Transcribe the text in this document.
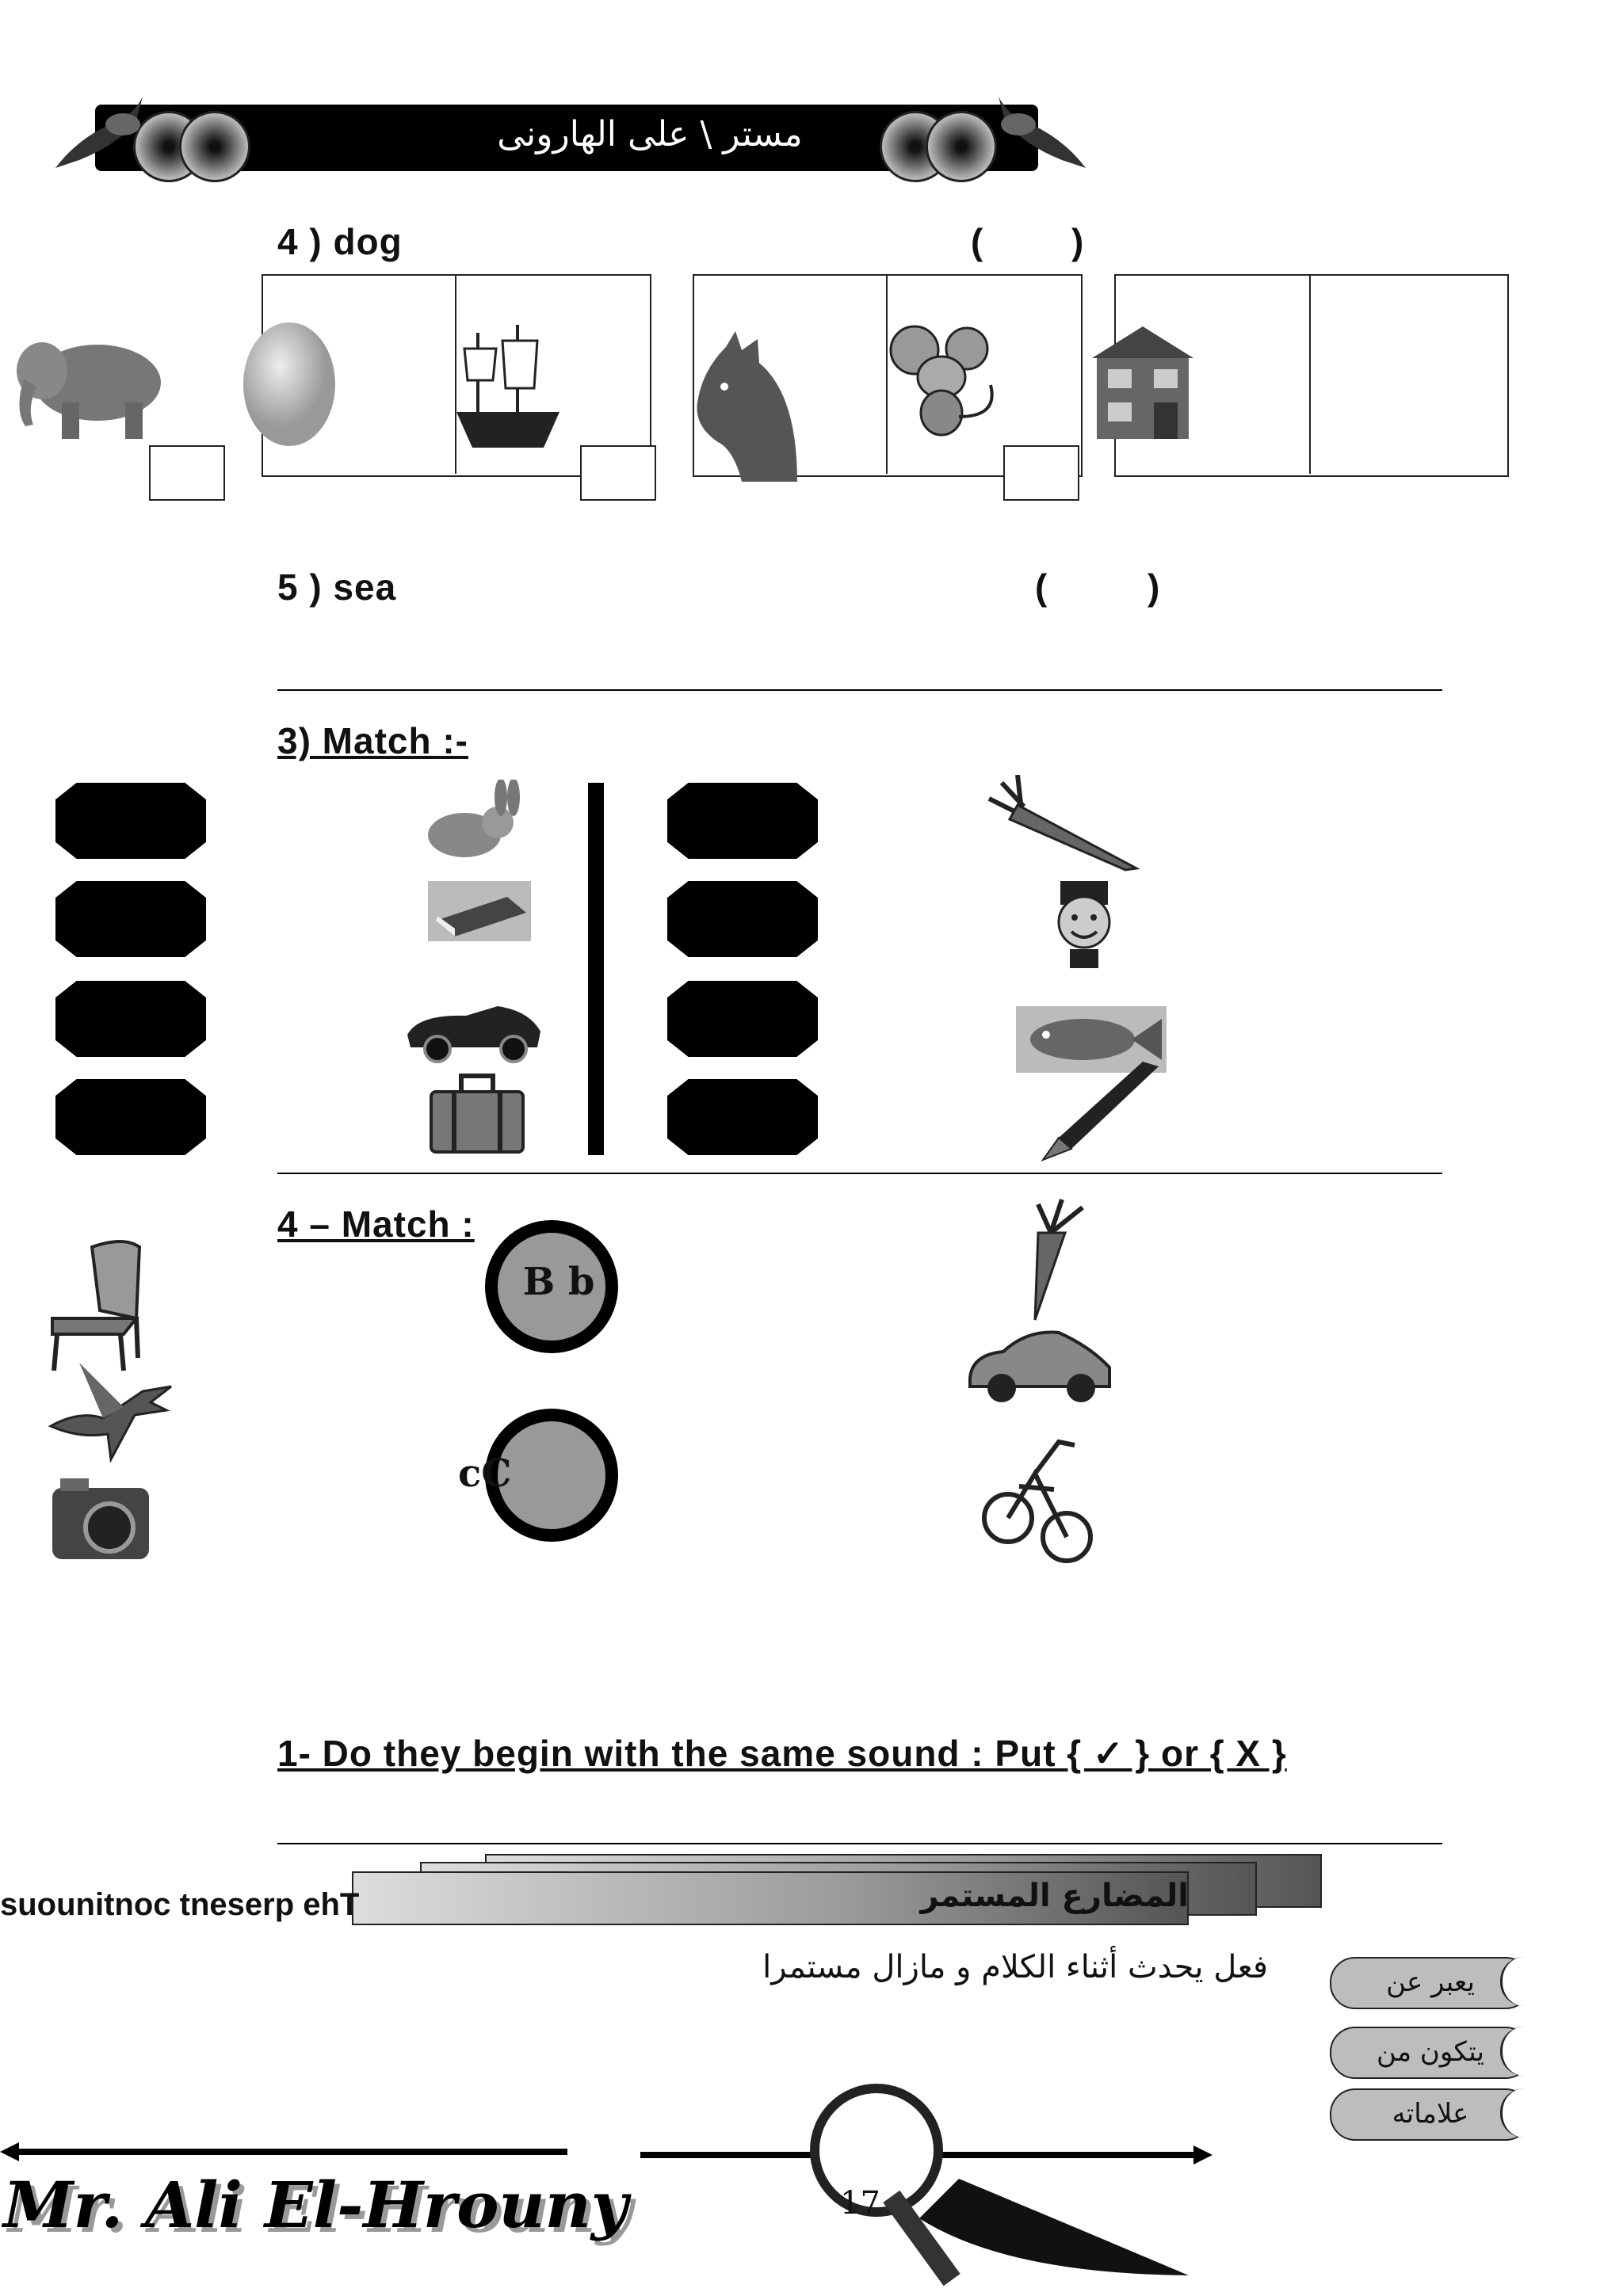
مستر \ على الهارونى
4 ) dog	( )
5 ) sea	(	)
3) Match :-
4 – Match :
B b
cC
1- Do they begin with the same sound : Put { ✓ } or { X }
The present continuous	المضارع المستمر
فعل يحدث أثناء الكلام و مازال مستمرا	يعبر عن
يتكون من
علاماته
17
Mr. Ali El-Hrouny
